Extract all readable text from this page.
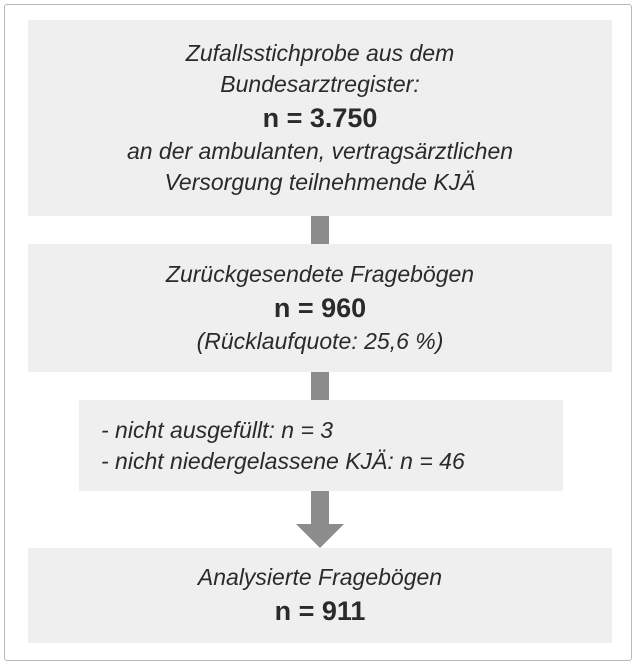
Zufallsstichprobe aus dem
Bundesarztregister:
n = 3.750
an der ambulanten, vertragsärztlichen
Versorgung teilnehmende KJÄ
Zurückgesendete Fragebögen
n = 960
(Rücklaufquote: 25,6 %)
- nicht ausgefüllt: n = 3
- nicht niedergelassene KJÄ: n = 46
Analysierte Fragebögen
n = 911
